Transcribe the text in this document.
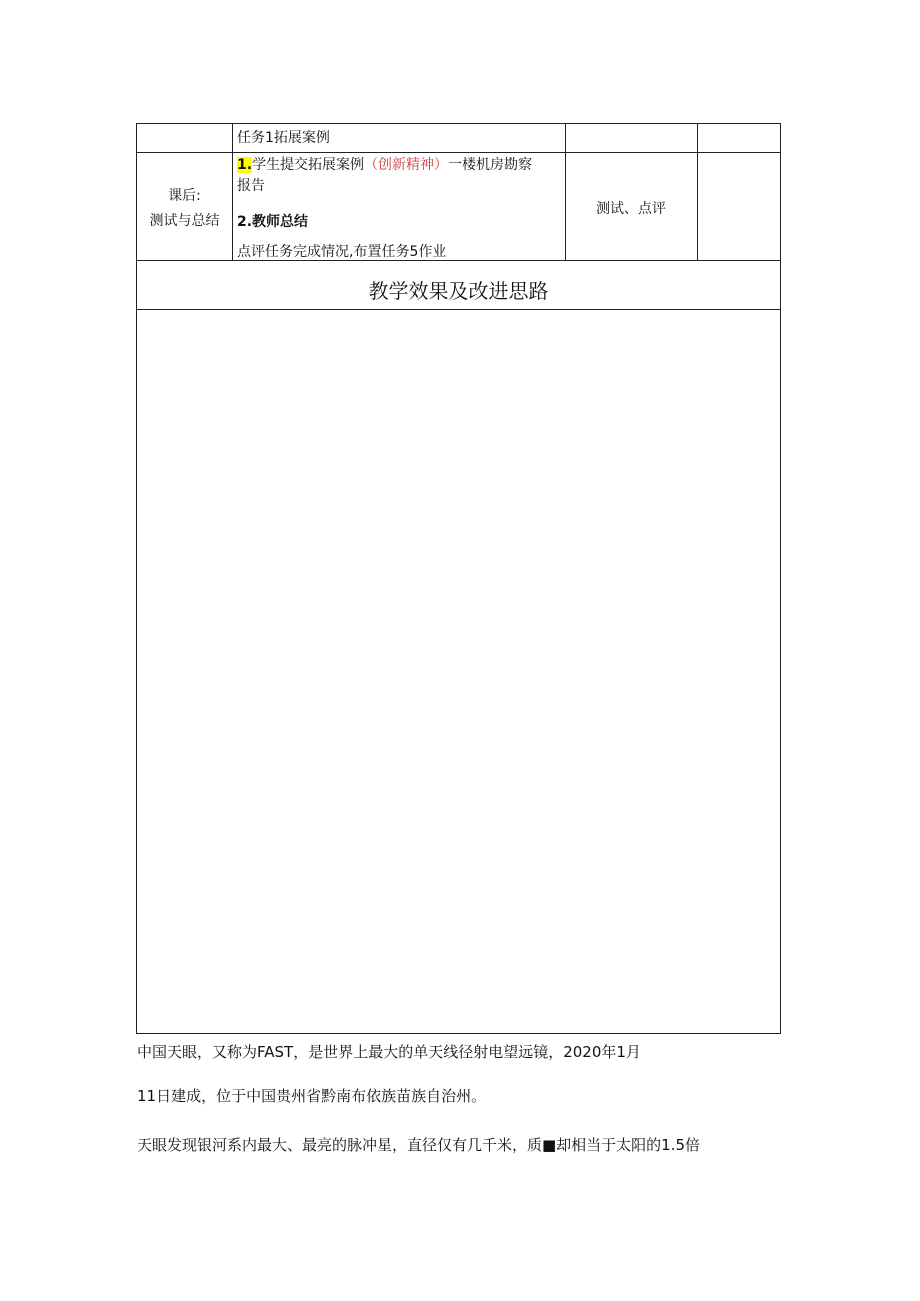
任务1拓展案例
课后:
测试与总结
1.学生提交拓展案例（创新精神）一楼机房勘察
报告
2.教师总结
点评任务完成情况,布置任务5作业
测试、点评
教学效果及改进思路
中国天眼，又称为FAST，是世界上最大的单天线径射电望远镜，2020年1月
11日建成，位于中国贵州省黔南布依族苗族自治州。
天眼发现银河系内最大、最亮的脉冲星，直径仅有几千米，质■却相当于太阳的1.5倍
